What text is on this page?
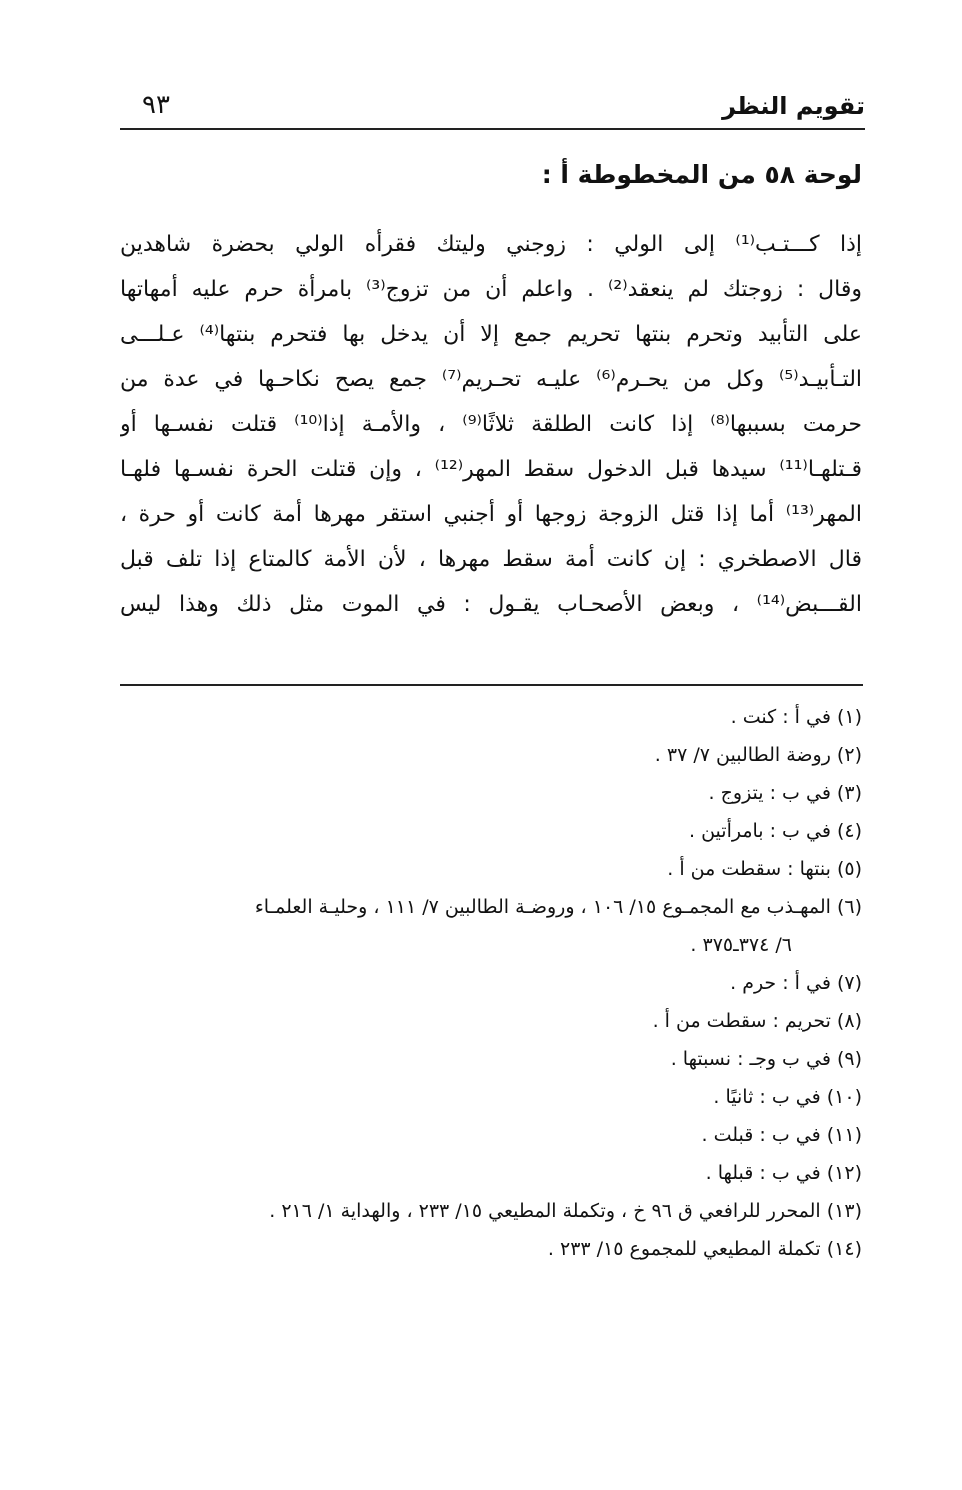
تقويم النظر
٩٣
لوحة ٥٨ من المخطوطة أ :
إذا كـــتـب⁽¹⁾ إلى الولي : زوجني وليتك فقرأه الولي بحضرة شاهدين
وقال : زوجتك لم ينعقد⁽²⁾ . واعلم أن من تزوج⁽³⁾ بامرأة حرم عليه أمهاتها
على التأبيد وتحرم بنتها تحريم جمع إلا أن يدخل بها فتحرم بنتها⁽⁴⁾ عـلـــى
التـأبيـد⁽⁵⁾ وكل من يحـرم⁽⁶⁾ عليـه تحـريم⁽⁷⁾ جمع يصح نكاحـها في عدة من
حرمت بسببها⁽⁸⁾ إذا كانت الطلقة ثلاثًا⁽⁹⁾ ، والأمـة إذا⁽¹⁰⁾ قتلت نفسـها أو
قـتلهـا⁽¹¹⁾ سيدها قبل الدخول سقط المهر⁽¹²⁾ ، وإن قتلت الحرة نفسـها فلهـا
المهر⁽¹³⁾ أما إذا قتل الزوجة زوجها أو أجنبي استقر مهرها أمة كانت أو حرة ،
قال الاصطخري : إن كانت أمة سقط مهرها ، لأن الأمة كالمتاع إذا تلف قبل
القـــبض⁽¹⁴⁾ ، وبعض الأصحـاب يقـول : في الموت مثل ذلك وهذا ليس
(١) في أ : كنت .
(٢) روضة الطالبين ٧/ ٣٧ .
(٣) في ب : يتزوج .
(٤) في ب : بامرأتين .
(٥) بنتها : سقطت من أ .
(٦) المهـذب مع المجمـوع ١٥/ ١٠٦ ، وروضـة الطالبين ٧/ ١١١ ، وحليـة العلمـاء
٦/ ٣٧٤ـ٣٧٥ .
(٧) في أ : حرم .
(٨) تحريم : سقطت من أ .
(٩) في ب وجـ : نسبتها .
(١٠) في ب : ثانيًا .
(١١) في ب : قبلت .
(١٢) في ب : قبلها .
(١٣) المحرر للرافعي ق ٩٦ خ ، وتكملة المطيعي ١٥/ ٢٣٣ ، والهداية ١/ ٢١٦ .
(١٤) تكملة المطيعي للمجموع ١٥/ ٢٣٣ .
